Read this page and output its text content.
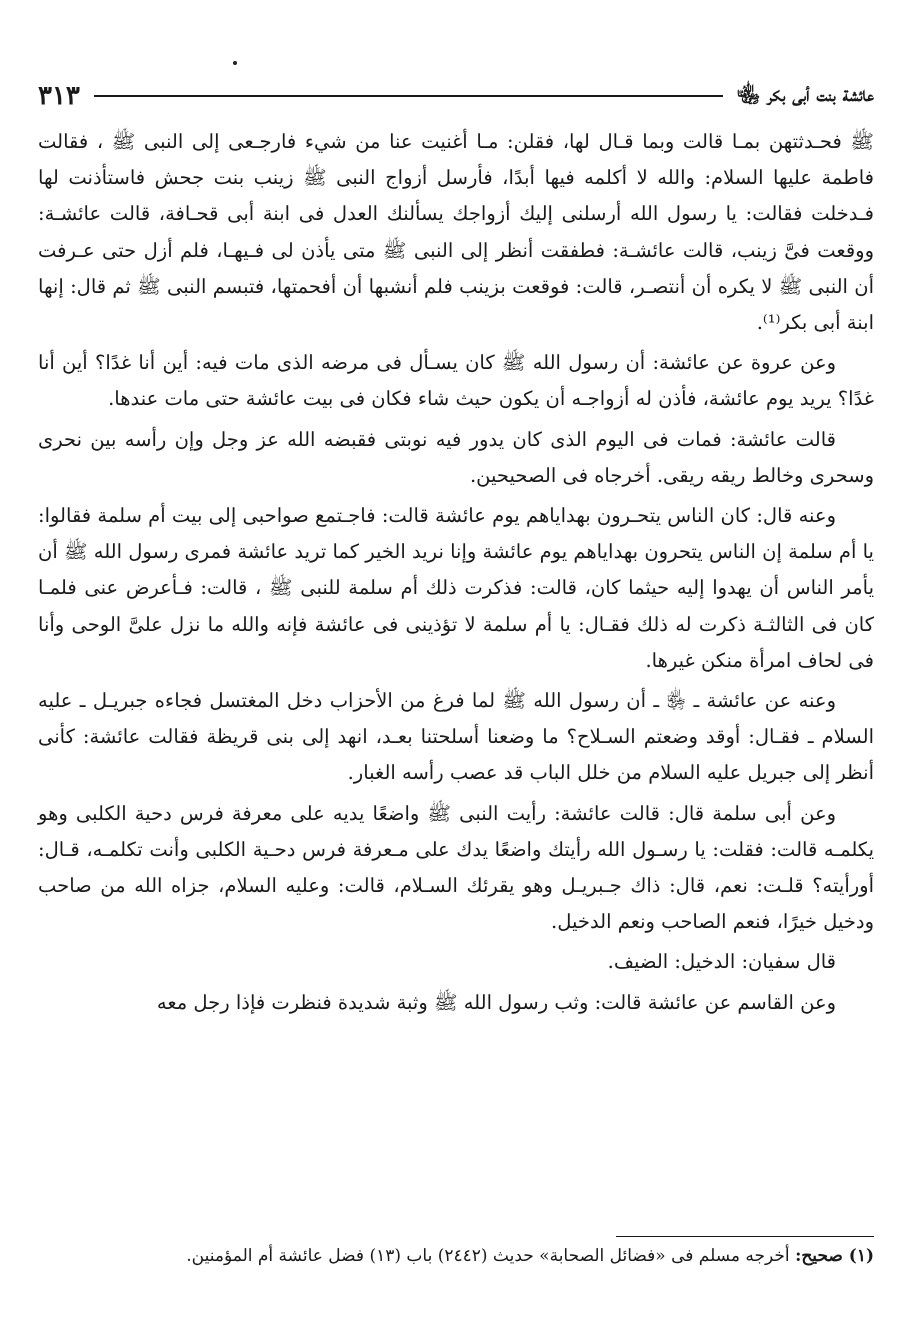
عائشة بنت أبى بكر ﵄
٣١٣

ﷺ فحـدثتهن بمـا قالت وبما قـال لها، فقلن: مـا أغنيت عنا من شيء فارجـعى إلى النبى ﷺ ، فقالت فاطمة عليها السلام: والله لا أكلمه فيها أبدًا، فأرسل أزواج النبى ﷺ زينب بنت جحش فاستأذنت لها فـدخلت فقالت: يا رسول الله أرسلنى إليك أزواجك يسألنك العدل فى ابنة أبى قحـافة، قالت عائشـة: ووقعت فىَّ زينب، قالت عائشـة: فطفقت أنظر إلى النبى ﷺ متى يأذن لى فـيهـا، فلم أزل حتى عـرفت أن النبى ﷺ لا يكره أن أنتصـر، قالت: فوقعت بزينب فلم أنشبها أن أفحمتها، فتبسم النبى ﷺ ثم قال: إنها ابنة أبى بكر⁽¹⁾.

وعن عروة عن عائشة: أن رسول الله ﷺ كان يسـأل فى مرضه الذى مات فيه: أين أنا غدًا؟ أين أنا غدًا؟ يريد يوم عائشة، فأذن له أزواجـه أن يكون حيث شاء فكان فى بيت عائشة حتى مات عندها.

قالت عائشة: فمات فى اليوم الذى كان يدور فيه نوبتى فقبضه الله عز وجل وإن رأسه بين نحرى وسحرى وخالط ريقه ريقى. أخرجاه فى الصحيحين.

وعنه قال: كان الناس يتحـرون بهداياهم يوم عائشة قالت: فاجـتمع صواحبى إلى بيت أم سلمة فقالوا: يا أم سلمة إن الناس يتحرون بهداياهم يوم عائشة وإنا نريد الخير كما تريد عائشة فمرى رسول الله ﷺ أن يأمر الناس أن يهدوا إليه حيثما كان، قالت: فذكرت ذلك أم سلمة للنبى ﷺ ، قالت: فـأعرض عنى فلمـا كان فى الثالثـة ذكرت له ذلك فقـال: يا أم سلمة لا تؤذينى فى عائشة فإنه والله ما نزل علىَّ الوحى وأنا فى لحاف امرأة منكن غيرها.

وعنه عن عائشة ـ ﵂ ـ أن رسول الله ﷺ لما فرغ من الأحزاب دخل المغتسل فجاءه جبريـل ـ عليه السلام ـ فقـال: أوقد وضعتم السـلاح؟ ما وضعنا أسلحتنا بعـد، انهد إلى بنى قريظة فقالت عائشة: كأنى أنظر إلى جبريل عليه السلام من خلل الباب قد عصب رأسه الغبار.

وعن أبى سلمة قال: قالت عائشة: رأيت النبى ﷺ واضعًا يديه على معرفة فرس دحية الكلبى وهو يكلمـه قالت: فقلت: يا رسـول الله رأيتك واضعًا يدك على مـعرفة فرس دحـية الكلبى وأنت تكلمـه، قـال: أورأيته؟ قلـت: نعم، قال: ذاك جـبريـل وهو يقرئك السـلام، قالت: وعليه السلام، جزاه الله من صاحب ودخيل خيرًا، فنعم الصاحب ونعم الدخيل.

قال سفيان: الدخيل: الضيف.

وعن القاسم عن عائشة قالت: وثب رسول الله ﷺ وثبة شديدة فنظرت فإذا رجل معه

(١) صحيح: أخرجه مسلم فى «فضائل الصحابة» حديث (٢٤٤٢) باب (١٣) فضل عائشة أم المؤمنين.
